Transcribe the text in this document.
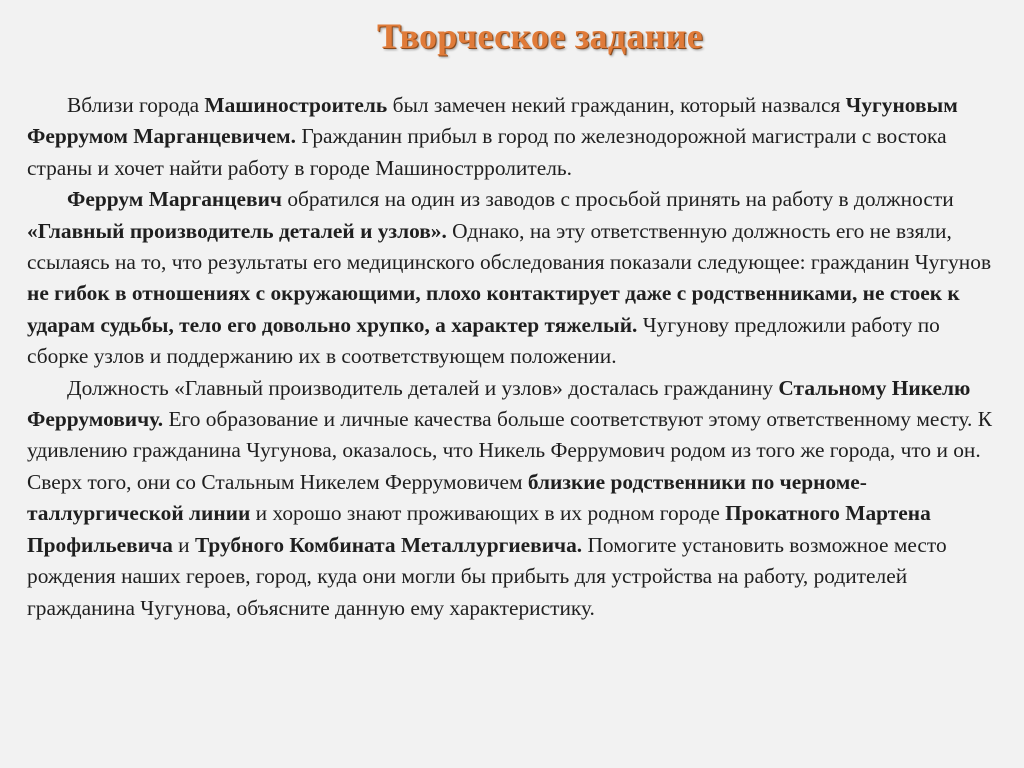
Творческое задание

Вблизи города Машиностроитель был замечен некий гражданин, который назвался Чугуновым Феррумом Марганцевичем. Гражданин прибыл в город по железнодорожной магистрали с востока страны и хочет найти работу в городе Машинострролитель.

Феррум Марганцевич обратился на один из заводов с просьбой принять на работу в должности «Главный производитель деталей и узлов». Однако, на эту ответственную должность его не взяли, ссылаясь на то, что результаты его медицинского обследования показали следующее: гражданин Чугунов не гибок в отношениях с окружающими, плохо контактирует даже с родственниками, не стоек к ударам судьбы, тело его довольно хрупко, а характер тяжелый. Чугунову предложили работу по сборке узлов и поддержанию их в соответствующем положении.

Должность «Главный производитель деталей и узлов» досталась гражданину Стальному Никелю Феррумовичу. Его образование и личные качества больше соответствуют этому ответственному месту. К удивлению гражданина Чугунова, оказалось, что Никель Феррумович родом из того же города, что и он. Сверх того, они со Стальным Никелем Феррумовичем близкие родственники по чернометаллургической линии и хорошо знают проживающих в их родном городе Прокатного Мартена Профильевича и Трубного Комбината Металлургиевича. Помогите установить возможное место рождения наших героев, город, куда они могли бы прибыть для устройства на работу, родителей гражданина Чугунова, объясните данную ему характеристику.
